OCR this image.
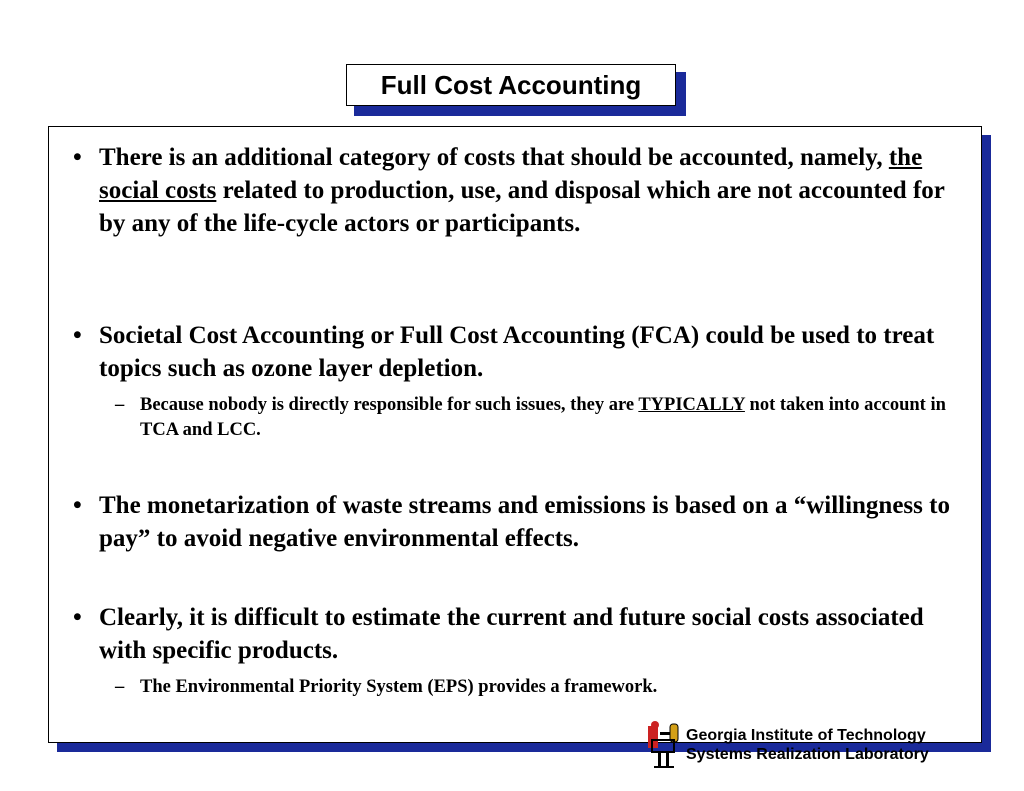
Full Cost Accounting
• There is an additional category of costs that should be accounted, namely, the social costs related to production, use, and disposal which are not accounted for by any of the life-cycle actors or participants.
• Societal Cost Accounting or Full Cost Accounting (FCA) could be used to treat topics such as ozone layer depletion.
– Because nobody is directly responsible for such issues, they are TYPICALLY not taken into account in TCA and LCC.
• The monetarization of waste streams and emissions is based on a “willingness to pay” to avoid negative environmental effects.
• Clearly, it is difficult to estimate the current and future social costs associated with specific products.
– The Environmental Priority System (EPS) provides a framework.
Georgia Institute of Technology
Systems Realization Laboratory
